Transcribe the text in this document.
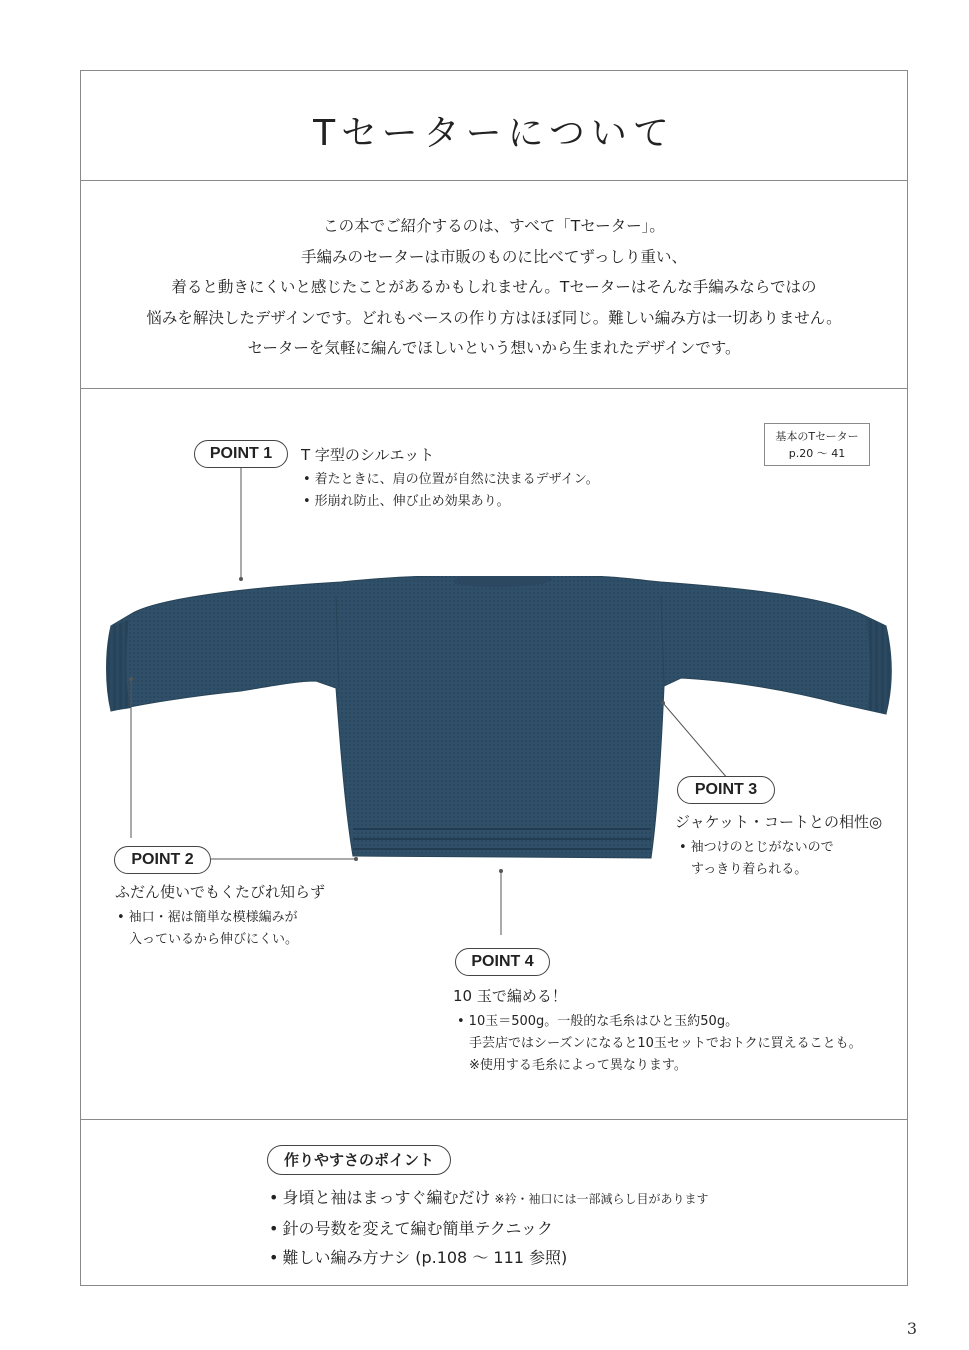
Tセーターについて

この本でご紹介するのは、すべて「Tセーター」。

手編みのセーターは市販のものに比べてずっしり重い、

着ると動きにくいと感じたことがあるかもしれません。Tセーターはそんな手編みならではの

悩みを解決したデザインです。どれもベースの作り方はほぼ同じ。難しい編み方は一切ありません。

セーターを気軽に編んでほしいという想いから生まれたデザインです。

基本のTセーター
p.20 ～ 41
POINT 1	T 字型のシルエット
• 着たときに、肩の位置が自然に決まるデザイン。
• 形崩れ防止、伸び止め効果あり。
POINT 2
ふだん使いでもくたびれ知らず
• 袖口・裾は簡単な模様編みが
入っているから伸びにくい。
POINT 3
ジャケット・コートとの相性◎
• 袖つけのとじがないので
すっきり着られる。
POINT 4
10 玉で編める！
• 10玉＝500g。一般的な毛糸はひと玉約50g。
手芸店ではシーズンになると10玉セットでおトクに買えることも。
※使用する毛糸によって異なります。
作りやすさのポイント
• 身頃と袖はまっすぐ編むだけ ※衿・袖口には一部減らし目があります
• 針の号数を変えて編む簡単テクニック
• 難しい編み方ナシ (p.108 ～ 111 参照)
3
